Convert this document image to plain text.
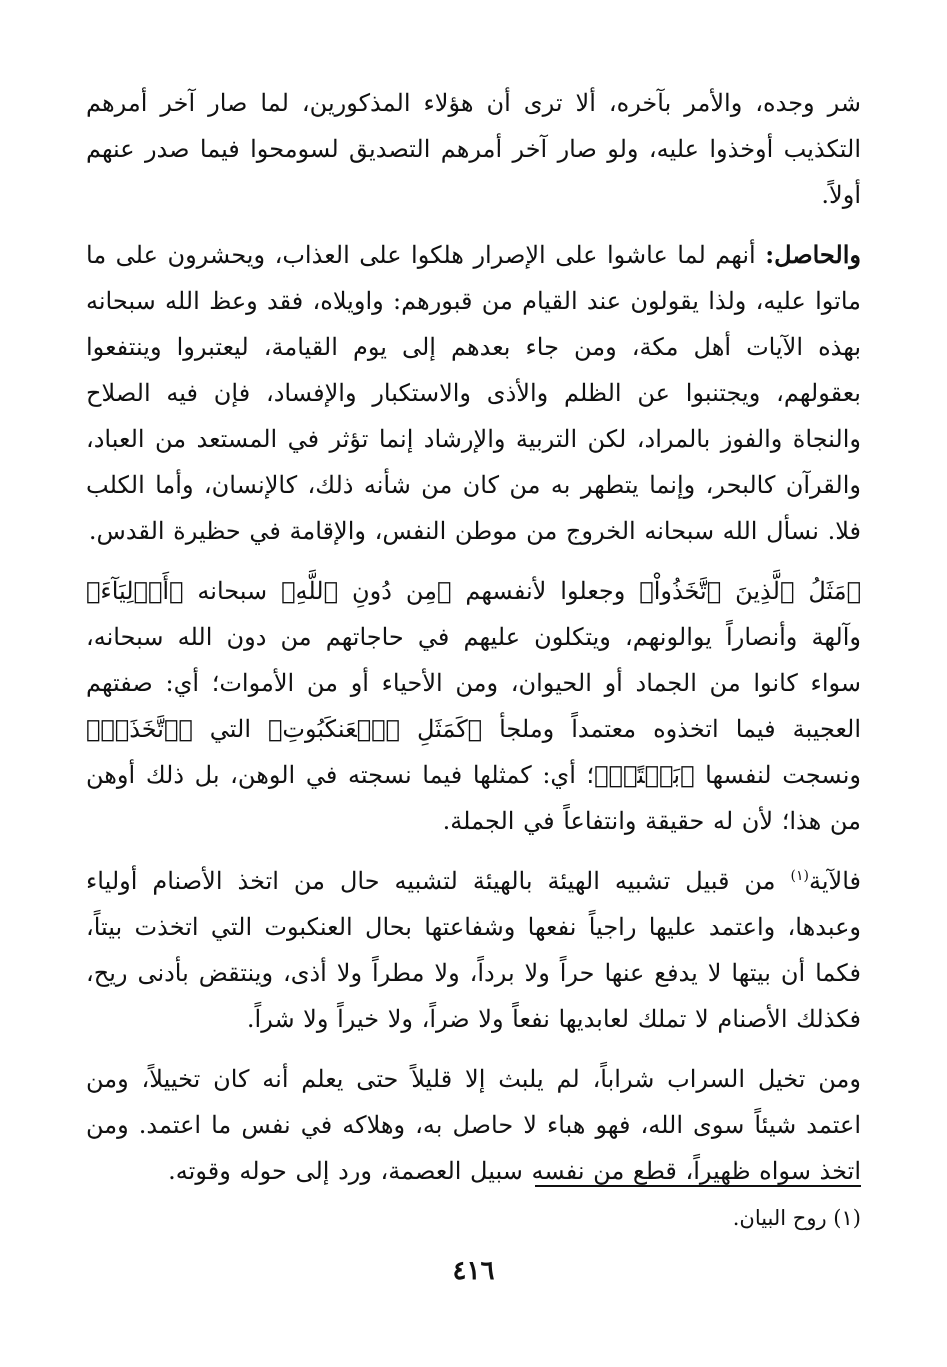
شر وجده، والأمر بآخره، ألا ترى أن هؤلاء المذكورين، لما صار آخر أمرهم التكذيب أوخذوا عليه، ولو صار آخر أمرهم التصديق لسومحوا فيما صدر عنهم أولاً.

والحاصل: أنهم لما عاشوا على الإصرار هلكوا على العذاب، ويحشرون على ما ماتوا عليه، ولذا يقولون عند القيام من قبورهم: واويلاه، فقد وعظ الله سبحانه بهذه الآيات أهل مكة، ومن جاء بعدهم إلى يوم القيامة، ليعتبروا وينتفعوا بعقولهم، ويجتنبوا عن الظلم والأذى والاستكبار والإفساد، فإن فيه الصلاح والنجاة والفوز بالمراد، لكن التربية والإرشاد إنما تؤثر في المستعد من العباد، والقرآن كالبحر، وإنما يتطهر به من كان من شأنه ذلك، كالإنسان، وأما الكلب فلا. نسأل الله سبحانه الخروج من موطن النفس، والإقامة في حظيرة القدس.

﴿مَثَلُ ٱلَّذِينَ ٱتَّخَذُواْ﴾ وجعلوا لأنفسهم ﴿مِن دُونِ ٱللَّهِ﴾ سبحانه ﴿أَوۡلِيَآءَ﴾ وآلهة وأنصاراً يوالونهم، ويتكلون عليهم في حاجاتهم من دون الله سبحانه، سواء كانوا من الجماد أو الحيوان، ومن الأحياء أو من الأموات؛ أي: صفتهم العجيبة فيما اتخذوه معتمداً وملجأ ﴿كَمَثَلِ ٱلۡعَنكَبُوتِ﴾ التي ﴿ٱتَّخَذَتۡ﴾ ونسجت لنفسها ﴿بَيۡتًاۖ﴾؛ أي: كمثلها فيما نسجته في الوهن، بل ذلك أوهن من هذا؛ لأن له حقيقة وانتفاعاً في الجملة.

فالآية$^{(١)}$ من قبيل تشبيه الهيئة بالهيئة لتشبيه حال من اتخذ الأصنام أولياء وعبدها، واعتمد عليها راجياً نفعها وشفاعتها بحال العنكبوت التي اتخذت بيتاً، فكما أن بيتها لا يدفع عنها حراً ولا برداً، ولا مطراً ولا أذى، وينتقض بأدنى ريح، فكذلك الأصنام لا تملك لعابديها نفعاً ولا ضراً، ولا خيراً ولا شراً.

ومن تخيل السراب شراباً، لم يلبث إلا قليلاً حتى يعلم أنه كان تخييلاً، ومن اعتمد شيئاً سوى الله، فهو هباء لا حاصل به، وهلاكه في نفس ما اعتمد. ومن اتخذ سواه ظهيراً، قطع من نفسه سبيل العصمة، ورد إلى حوله وقوته.

(١) روح البيان.
٤١٦
